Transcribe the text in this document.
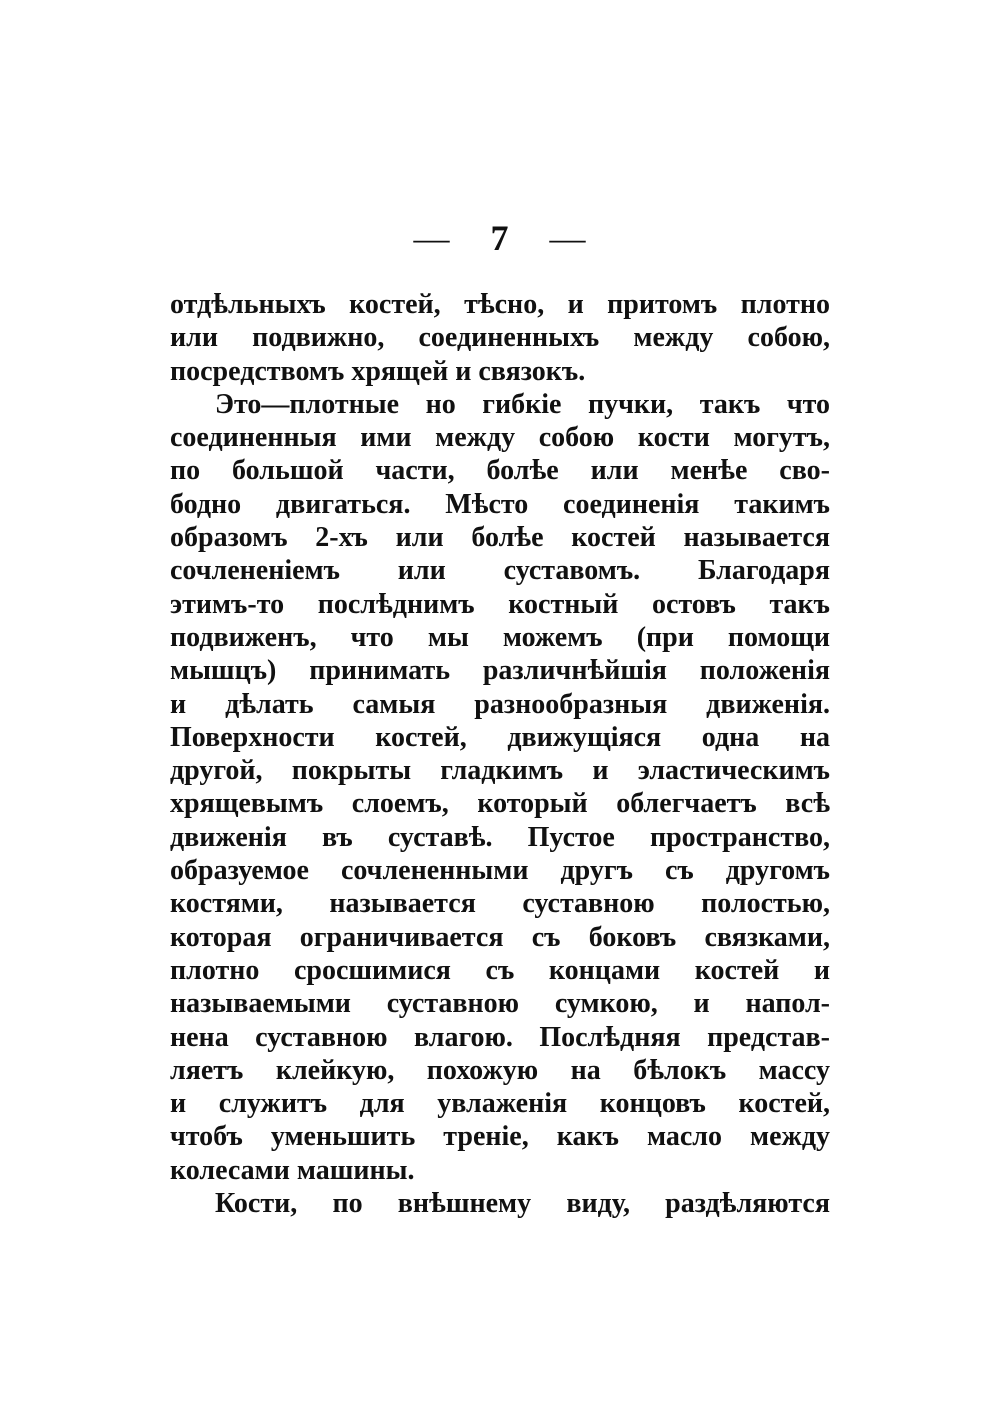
— 7 —
отдѣльныхъ костей, тѣсно, и притомъ плотно
или подвижно, соединенныхъ между собою,
посредствомъ хрящей и связокъ.
Это—плотные но гибкіе пучки, такъ что
соединенныя ими между собою кости могутъ,
по большой части, болѣе или менѣе сво-
бодно двигаться. Мѣсто соединенія такимъ
образомъ 2-хъ или болѣе костей называется
сочлененіемъ или суставомъ. Благодаря
этимъ-то послѣднимъ костный остовъ такъ
подвиженъ, что мы можемъ (при помощи
мышцъ) принимать различнѣйшія положенія
и дѣлать самыя разнообразныя движенія.
Поверхности костей, движущіяся одна на
другой, покрыты гладкимъ и эластическимъ
хрящевымъ слоемъ, который облегчаетъ всѣ
движенія въ суставѣ. Пустое пространство,
образуемое сочлененными другъ съ другомъ
костями, называется суставною полостью,
которая ограничивается съ боковъ связками,
плотно сросшимися съ концами костей и
называемыми суставною сумкою, и напол-
нена суставною влагою. Послѣдняя представ-
ляетъ клейкую, похожую на бѣлокъ массу
и служитъ для увлаженія концовъ костей,
чтобъ уменьшить треніе, какъ масло между
колесами машины.
Кости, по внѣшнему виду, раздѣляются
